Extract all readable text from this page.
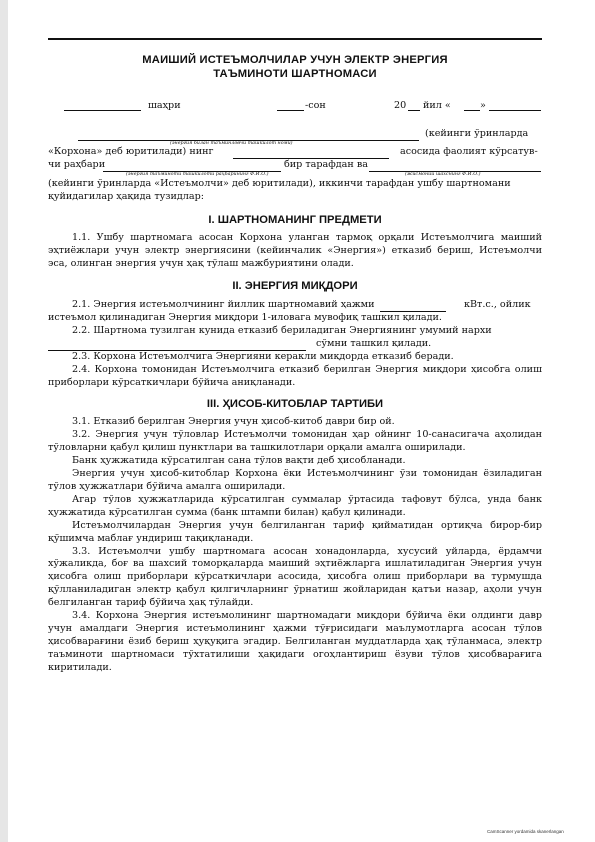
МАИШИЙ ИСТЕЪМОЛЧИЛАР УЧУН ЭЛЕКТР ЭНЕРГИЯ
ТАЪМИНОТИ ШАРТНОМАСИ
шаҳри	-сон	20 йил «	»
(кейинги ўринларда
(энергия билан таъминловчи ташкилот номи)
«Корхона» деб юритилади) нинг	асосида фаолият кўрсатув-
чи раҳбари	бир тарафдан ва
(энергия таъминоти ташкилоти раҳбарининг Ф.И.О.)	(жисмоний шахснинг Ф.И.О.)
(кейинги ўринларда «Истеъмолчи» деб юритилади), иккинчи тарафдан ушбу шартномани
қуйидагилар ҳақида тузидлар:
I. ШАРТНОМАНИНГ ПРЕДМЕТИ

1.1. Ушбу шартномага асосан Корхона уланган тармоқ орқали Истеъмолчига маиший эҳтиёжлари учун электр энергиясини (кейинчалик «Энергия») етказиб бериш, Истеъмолчи эса, олинган энергия учун ҳақ тўлаш мажбуриятини олади.

II. ЭНЕРГИЯ МИҚДОРИ
2.1. Энергия истеъмолчининг йиллик шартномавий ҳажми	кВт.с., ойлик
истеъмол қилинадиган Энергия миқдори 1-иловага мувофиқ ташкил қилади.
2.2. Шартнома тузилган кунида етказиб бериладиган Энергиянинг умумий нархи
сўмни ташкил қилади.

2.3. Корхона Истеъмолчига Энергияни керакли миқдорда етказиб беради.

2.4. Корхона томонидан Истеъмолчига етказиб берилган Энергия миқдори ҳисобга олиш приборлари кўрсаткичлари бўйича аниқланади.

III. ҲИСОБ-КИТОБЛАР ТАРТИБИ

3.1. Етказиб берилган Энергия учун ҳисоб-китоб даври бир ой.

3.2. Энергия учун тўловлар Истеъмолчи томонидан ҳар ойнинг 10-санасигача аҳолидан тўловларни қабул қилиш пунктлари ва ташкилотлари орқали амалга оширилади.

Банк ҳужжатида кўрсатилган сана тўлов вақти деб ҳисобланади.

Энергия учун ҳисоб-китоблар Корхона ёки Истеъмолчининг ўзи томонидан ёзиладиган тўлов ҳужжатлари бўйича амалга оширилади.

Агар тўлов ҳужжатларида кўрсатилган суммалар ўртасида тафовут бўлса, унда банк ҳужжатида кўрсатилган сумма (банк штампи билан) қабул қилинади.

Истеъмолчилардан Энергия учун белгиланган тариф қийматидан ортиқча бирор-бир қўшимча маблағ ундириш тақиқланади.

3.3. Истеъмолчи ушбу шартномага асосан хонадонларда, хусусий уйларда, ёрдамчи хўжаликда, боғ ва шахсий томорқаларда маиший эҳтиёжларга ишлатиладиган Энергия учун ҳисобга олиш приборлари кўрсаткичлари асосида, ҳисобга олиш приборлари ва турмушда қўлланиладиган электр қабул қилгичларнинг ўрнатиш жойларидан қатъи назар, аҳоли учун белгиланган тариф бўйича ҳақ тўлайди.

3.4. Корхона Энергия истеъмолининг шартномадаги миқдори бўйича ёки олдинги давр учун амалдаги Энергия истеъмолининг ҳажми тўғрисидаги маълумотларга асосан тўлов ҳисобварағини ёзиб бериш ҳуқуқига эгадир. Белгиланган муддатларда ҳақ тўланмаса, электр таъминоти шартномаси тўхтатилиши ҳақидаги огоҳлантириш ёзуви тўлов ҳисобварағига киритилади.

CamScanner yordamida skanerlangan
